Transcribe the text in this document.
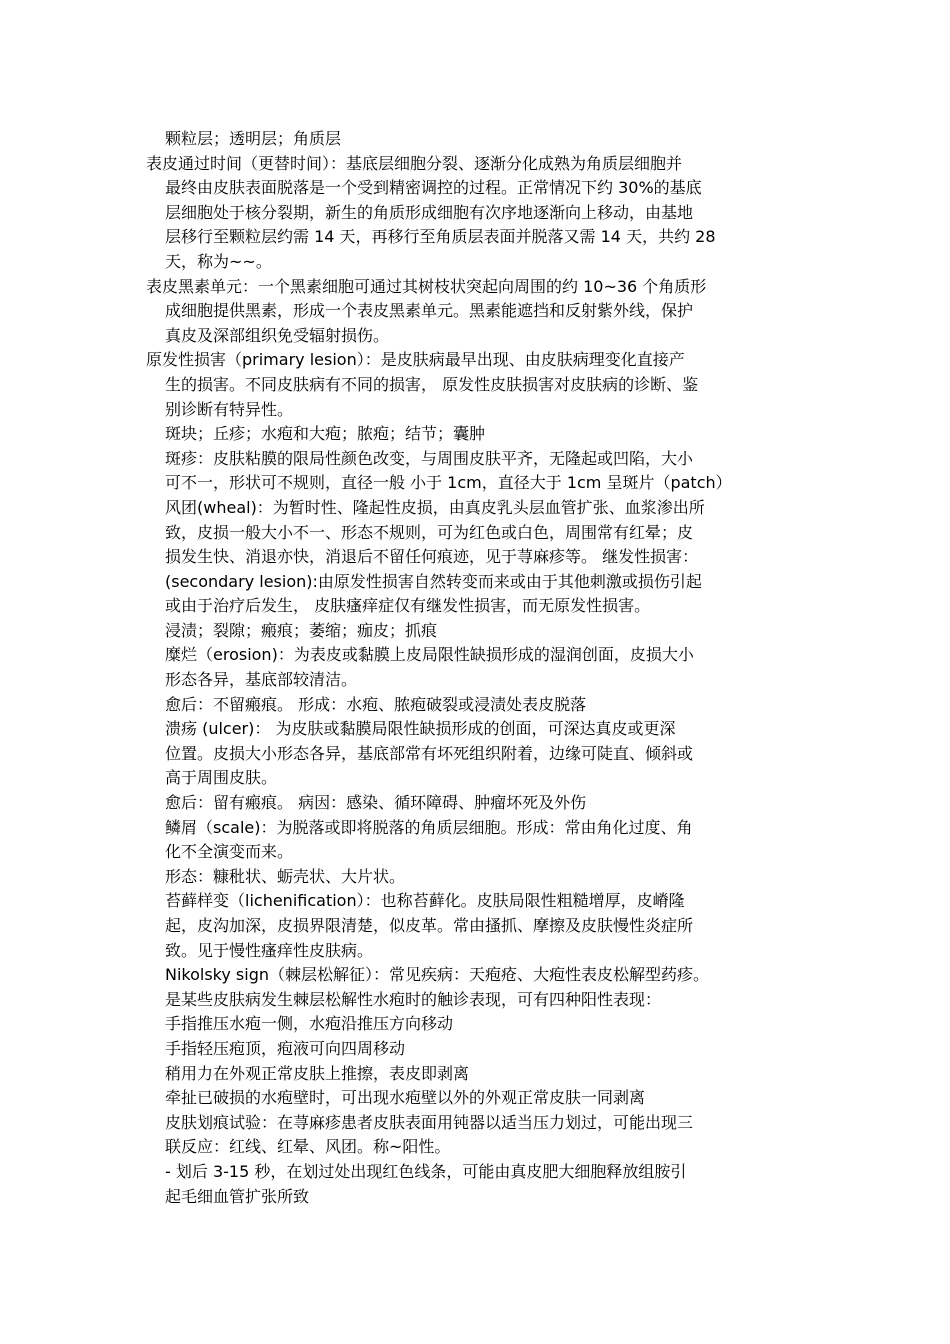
颗粒层；透明层；角质层
表皮通过时间（更替时间）：基底层细胞分裂、逐渐分化成熟为角质层细胞并
最终由皮肤表面脱落是一个受到精密调控的过程。正常情况下约 30%的基底
层细胞处于核分裂期，新生的角质形成细胞有次序地逐渐向上移动，由基地
层移行至颗粒层约需 14 天，再移行至角质层表面并脱落又需 14 天，共约 28
天，称为~~。
表皮黑素单元：一个黑素细胞可通过其树枝状突起向周围的约 10~36 个角质形
成细胞提供黑素，形成一个表皮黑素单元。黑素能遮挡和反射紫外线，保护
真皮及深部组织免受辐射损伤。
原发性损害（primary lesion）：是皮肤病最早出现、由皮肤病理变化直接产
生的损害。不同皮肤病有不同的损害， 原发性皮肤损害对皮肤病的诊断、鉴
别诊断有特异性。
斑块；丘疹；水疱和大疱；脓疱；结节；囊肿
斑疹：皮肤粘膜的限局性颜色改变，与周围皮肤平齐，无隆起或凹陷，大小
可不一，形状可不规则，直径一般 小于 1cm，直径大于 1cm 呈斑片（patch）
风团(wheal)：为暂时性、隆起性皮损，由真皮乳头层血管扩张、血浆渗出所
致，皮损一般大小不一、形态不规则，可为红色或白色，周围常有红晕；皮
损发生快、消退亦快，消退后不留任何痕迹，见于荨麻疹等。 继发性损害：
(secondary lesion):由原发性损害自然转变而来或由于其他刺激或损伤引起
或由于治疗后发生， 皮肤瘙痒症仅有继发性损害，而无原发性损害。
浸渍；裂隙；瘢痕；萎缩；痂皮；抓痕
糜烂（erosion)：为表皮或黏膜上皮局限性缺损形成的湿润创面，皮损大小
形态各异，基底部较清洁。
愈后：不留瘢痕。 形成：水疱、脓疱破裂或浸渍处表皮脱落
溃疡 (ulcer)： 为皮肤或黏膜局限性缺损形成的创面，可深达真皮或更深
位置。皮损大小形态各异，基底部常有坏死组织附着，边缘可陡直、倾斜或
高于周围皮肤。
愈后：留有瘢痕。 病因：感染、循环障碍、肿瘤坏死及外伤
鳞屑（scale)：为脱落或即将脱落的角质层细胞。形成：常由角化过度、角
化不全演变而来。
形态：糠秕状、蛎壳状、大片状。
苔藓样变（lichenification）：也称苔藓化。皮肤局限性粗糙增厚，皮嵴隆
起，皮沟加深，皮损界限清楚，似皮革。常由搔抓、摩擦及皮肤慢性炎症所
致。见于慢性瘙痒性皮肤病。
Nikolsky sign（棘层松解征）：常见疾病：天疱疮、大疱性表皮松解型药疹。
是某些皮肤病发生棘层松解性水疱时的触诊表现，可有四种阳性表现：
手指推压水疱一侧，水疱沿推压方向移动
手指轻压疱顶，疱液可向四周移动
稍用力在外观正常皮肤上推擦，表皮即剥离
牵扯已破损的水疱壁时，可出现水疱壁以外的外观正常皮肤一同剥离
皮肤划痕试验：在荨麻疹患者皮肤表面用钝器以适当压力划过，可能出现三
联反应：红线、红晕、风团。称~阳性。
- 划后 3-15 秒，在划过处出现红色线条，可能由真皮肥大细胞释放组胺引
起毛细血管扩张所致
